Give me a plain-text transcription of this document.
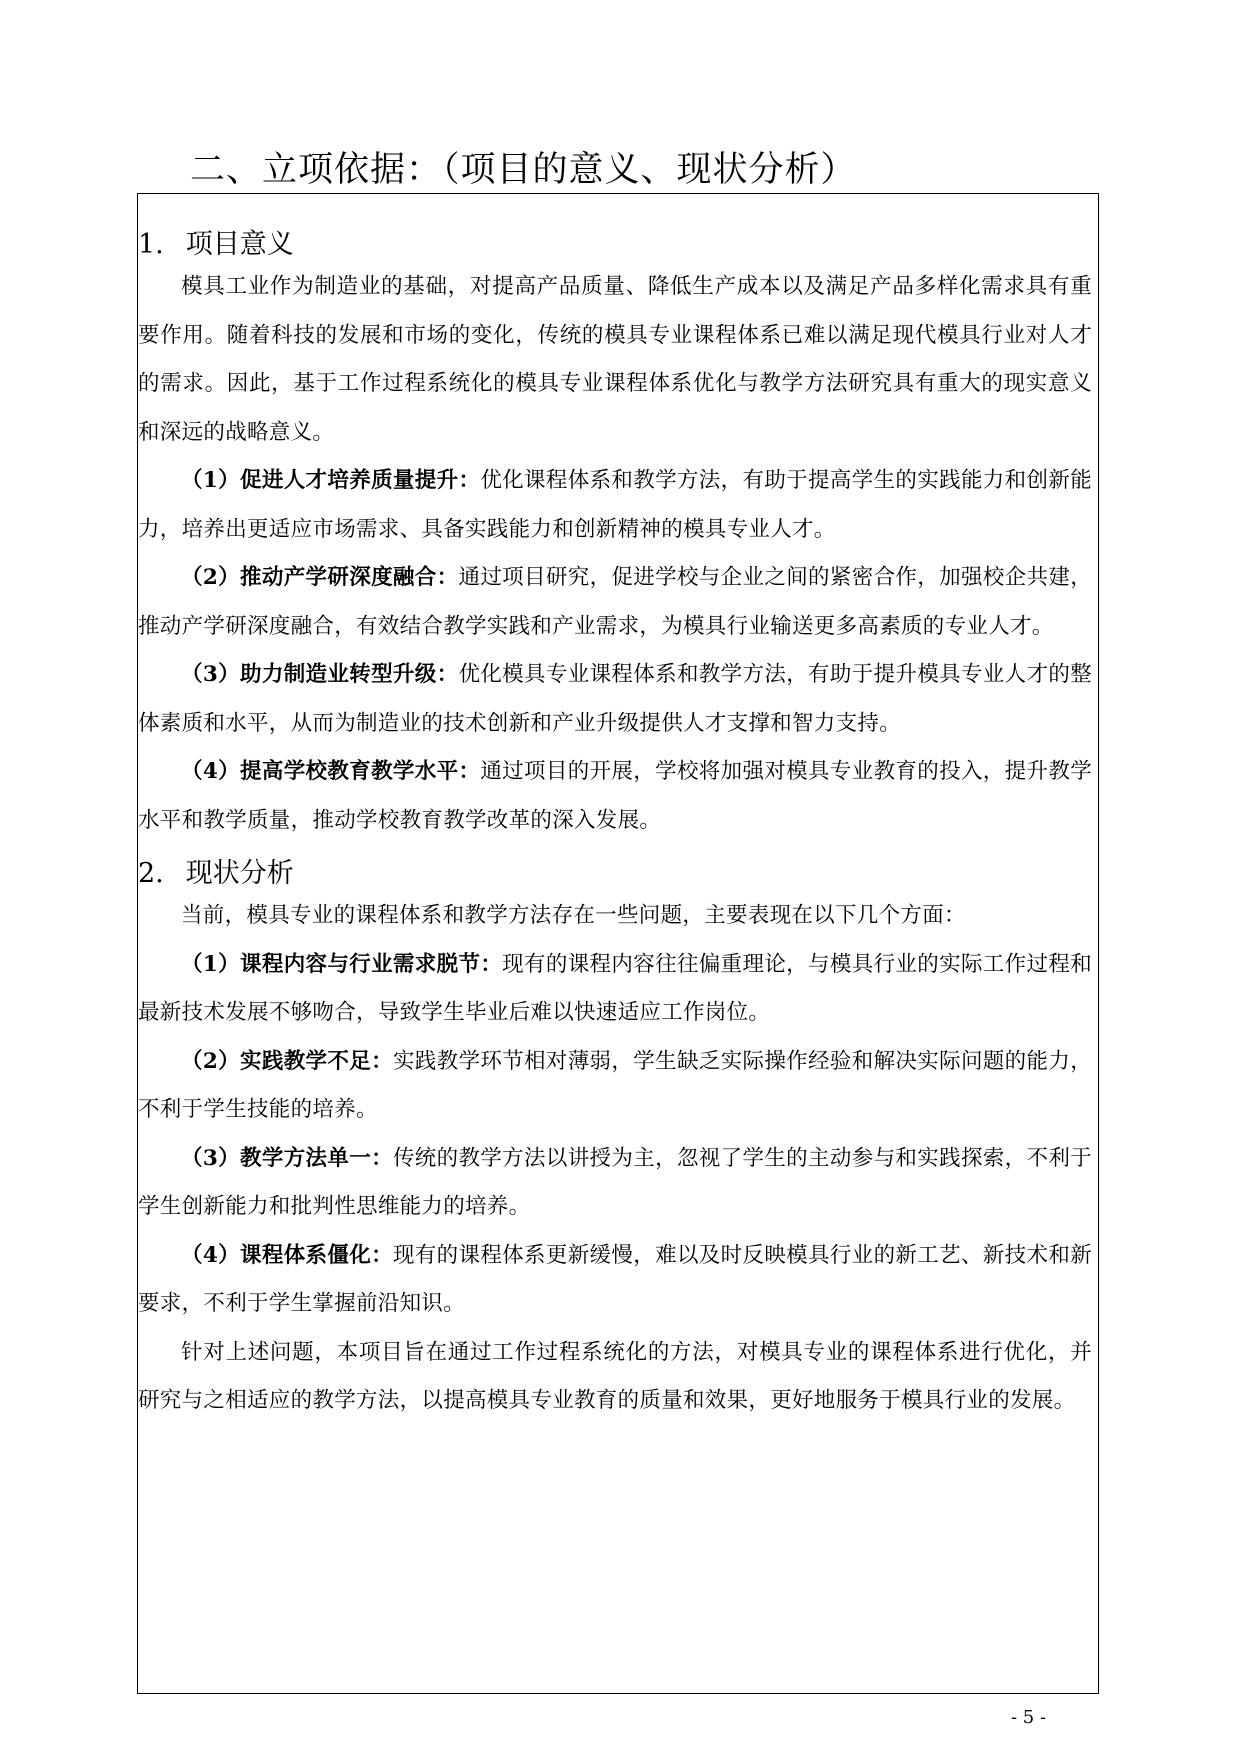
二、立项依据：（项目的意义、现状分析）
1. 项目意义

模具工业作为制造业的基础，对提高产品质量、降低生产成本以及满足产品多样化需求具有重要作用。随着科技的发展和市场的变化，传统的模具专业课程体系已难以满足现代模具行业对人才的需求。因此，基于工作过程系统化的模具专业课程体系优化与教学方法研究具有重大的现实意义和深远的战略意义。

（1）促进人才培养质量提升：优化课程体系和教学方法，有助于提高学生的实践能力和创新能力，培养出更适应市场需求、具备实践能力和创新精神的模具专业人才。

（2）推动产学研深度融合：通过项目研究，促进学校与企业之间的紧密合作，加强校企共建，推动产学研深度融合，有效结合教学实践和产业需求，为模具行业输送更多高素质的专业人才。

（3）助力制造业转型升级：优化模具专业课程体系和教学方法，有助于提升模具专业人才的整体素质和水平，从而为制造业的技术创新和产业升级提供人才支撑和智力支持。

（4）提高学校教育教学水平：通过项目的开展，学校将加强对模具专业教育的投入，提升教学水平和教学质量，推动学校教育教学改革的深入发展。

2. 现状分析

当前，模具专业的课程体系和教学方法存在一些问题，主要表现在以下几个方面：

（1）课程内容与行业需求脱节：现有的课程内容往往偏重理论，与模具行业的实际工作过程和最新技术发展不够吻合，导致学生毕业后难以快速适应工作岗位。

（2）实践教学不足：实践教学环节相对薄弱，学生缺乏实际操作经验和解决实际问题的能力，不利于学生技能的培养。

（3）教学方法单一：传统的教学方法以讲授为主，忽视了学生的主动参与和实践探索，不利于学生创新能力和批判性思维能力的培养。

（4）课程体系僵化：现有的课程体系更新缓慢，难以及时反映模具行业的新工艺、新技术和新要求，不利于学生掌握前沿知识。

针对上述问题，本项目旨在通过工作过程系统化的方法，对模具专业的课程体系进行优化，并研究与之相适应的教学方法，以提高模具专业教育的质量和效果，更好地服务于模具行业的发展。

- 5 -
